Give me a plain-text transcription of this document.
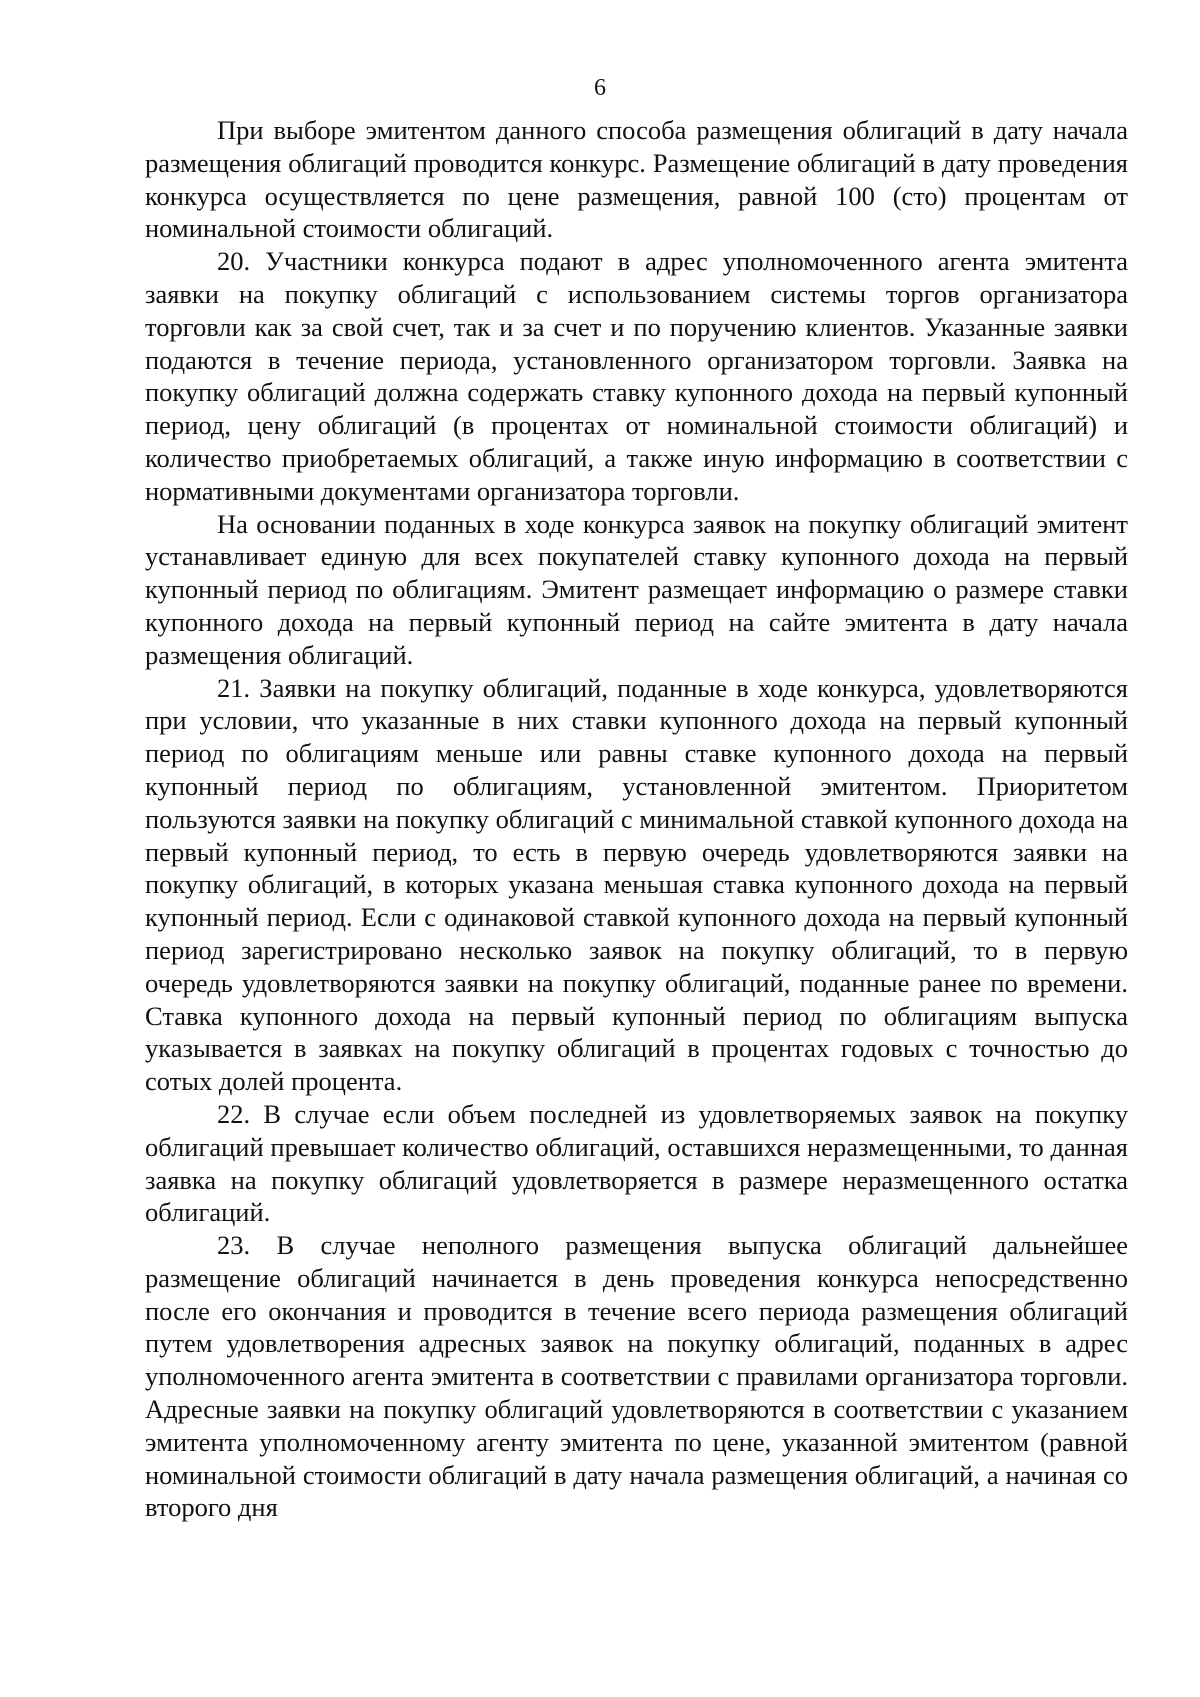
6

При выборе эмитентом данного способа размещения облигаций в дату начала размещения облигаций проводится конкурс. Размещение облигаций в дату проведения конкурса осуществляется по цене размещения, равной 100 (сто) процентам от номинальной стоимости облигаций.

20. Участники конкурса подают в адрес уполномоченного агента эмитента заявки на покупку облигаций с использованием системы торгов организатора торговли как за свой счет, так и за счет и по поручению клиентов. Указанные заявки подаются в течение периода, установленного организатором торговли. Заявка на покупку облигаций должна содержать ставку купонного дохода на первый купонный период, цену облигаций (в процентах от номинальной стоимости облигаций) и количество приобретаемых облигаций, а также иную информацию в соответствии с нормативными документами организатора торговли.

На основании поданных в ходе конкурса заявок на покупку облигаций эмитент устанавливает единую для всех покупателей ставку купонного дохода на первый купонный период по облигациям. Эмитент размещает информацию о размере ставки купонного дохода на первый купонный период на сайте эмитента в дату начала размещения облигаций.

21. Заявки на покупку облигаций, поданные в ходе конкурса, удовлетворяются при условии, что указанные в них ставки купонного дохода на первый купонный период по облигациям меньше или равны ставке купонного дохода на первый купонный период по облигациям, установленной эмитентом. Приоритетом пользуются заявки на покупку облигаций с минимальной ставкой купонного дохода на первый купонный период, то есть в первую очередь удовлетворяются заявки на покупку облигаций, в которых указана меньшая ставка купонного дохода на первый купонный период. Если с одинаковой ставкой купонного дохода на первый купонный период зарегистрировано несколько заявок на покупку облигаций, то в первую очередь удовлетворяются заявки на покупку облигаций, поданные ранее по времени. Ставка купонного дохода на первый купонный период по облигациям выпуска указывается в заявках на покупку облигаций в процентах годовых с точностью до сотых долей процента.

22. В случае если объем последней из удовлетворяемых заявок на покупку облигаций превышает количество облигаций, оставшихся неразмещенными, то данная заявка на покупку облигаций удовлетворяется в размере неразмещенного остатка облигаций.

23. В случае неполного размещения выпуска облигаций дальнейшее размещение облигаций начинается в день проведения конкурса непосредственно после его окончания и проводится в течение всего периода размещения облигаций путем удовлетворения адресных заявок на покупку облигаций, поданных в адрес уполномоченного агента эмитента в соответствии с правилами организатора торговли. Адресные заявки на покупку облигаций удовлетворяются в соответствии с указанием эмитента уполномоченному агенту эмитента по цене, указанной эмитентом (равной номинальной стоимости облигаций в дату начала размещения облигаций, а начиная со второго дня
